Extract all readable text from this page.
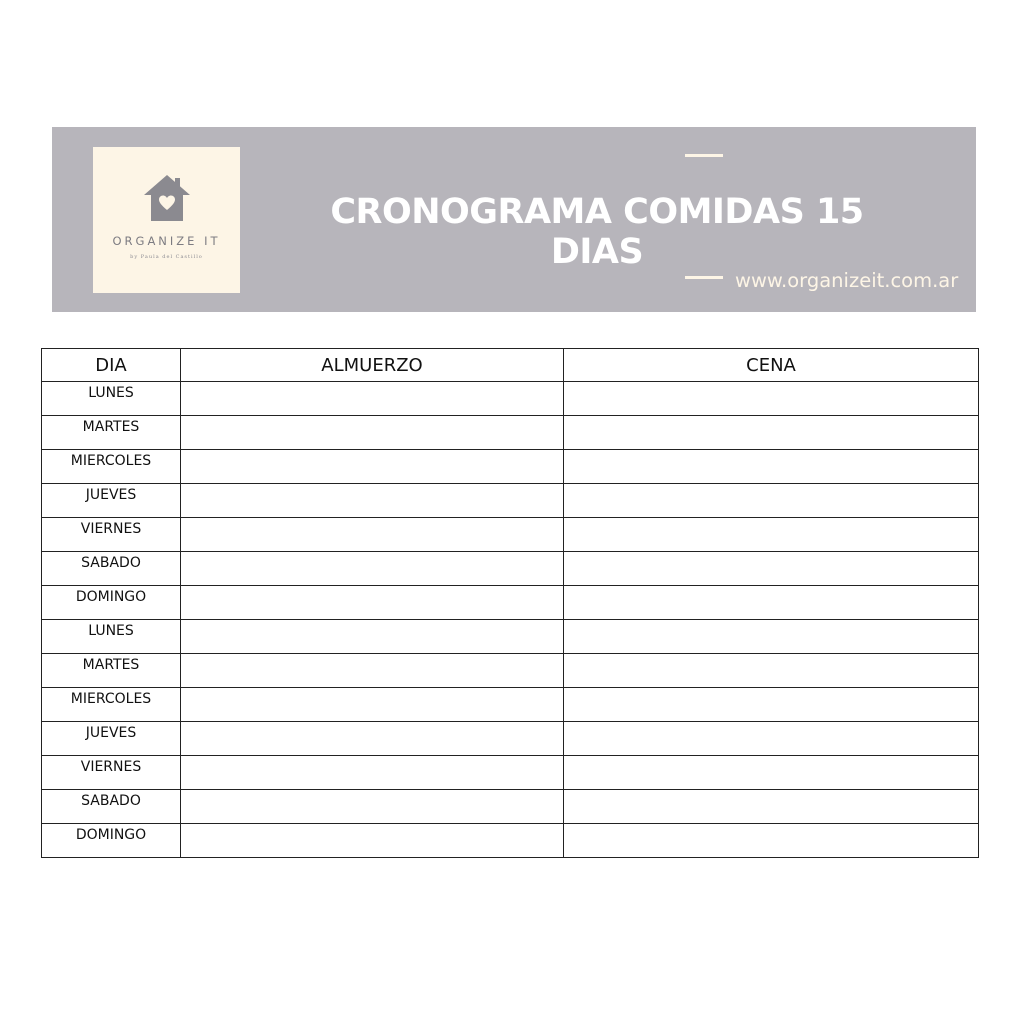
ORGANIZE IT
by Paula del Castillo
CRONOGRAMA COMIDAS 15 DIAS
www.organizeit.com.ar
DIA	ALMUERZO	CENA
LUNES		
MARTES		
MIERCOLES		
JUEVES		
VIERNES		
SABADO		
DOMINGO		
LUNES		
MARTES		
MIERCOLES		
JUEVES		
VIERNES		
SABADO		
DOMINGO		
